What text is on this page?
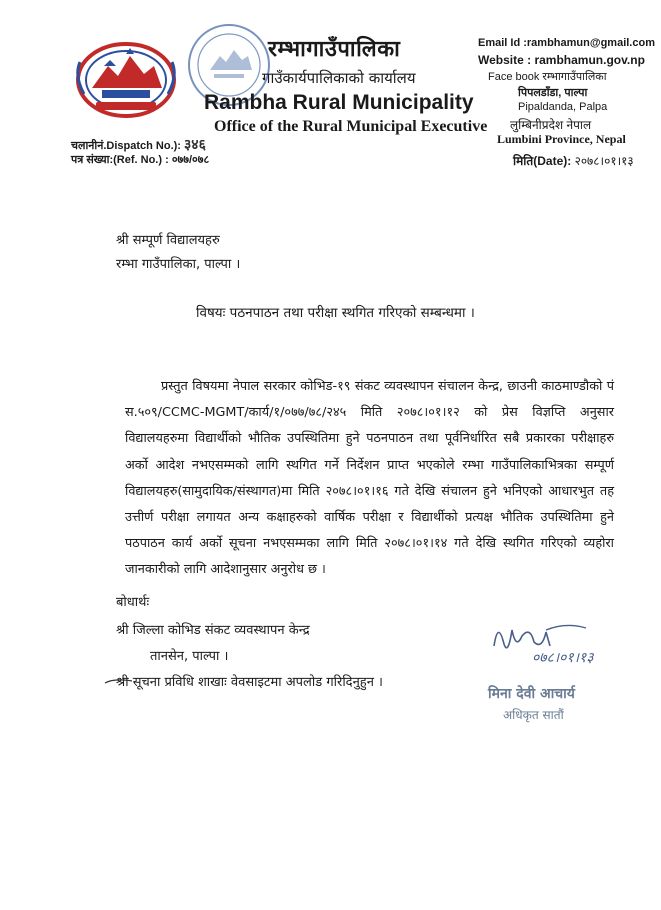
रम्भागाउँपालिका
गाउँकार्यपालिकाको कार्यालय
Rambha Rural Municipality
Office of the Rural Municipal Executive
Email Id :rambhamun@gmail.com
Website : rambhamun.gov.np
Face book रम्भागाउँपालिका
पिपलडाँडा, पाल्पा
Pipaldanda, Palpa
लुम्बिनीप्रदेश नेपाल
Lumbini Province, Nepal
मिति(Date): २०७८।०१।१३
चलानीनं.Dispatch No.): ३४६
पत्र संख्या:(Ref. No.) : ०७७/०७८
श्री सम्पूर्ण विद्यालयहरु
रम्भा गाउँपालिका, पाल्पा ।
विषयः पठनपाठन तथा परीक्षा स्थगित गरिएको सम्बन्धमा ।
प्रस्तुत विषयमा नेपाल सरकार कोभिड-१९ संकट व्यवस्थापन संचालन केन्द्र, छाउनी काठमाण्डौको पं स.५०९/CCMC-MGMT/कार्य/१/०७७/७८/२४५ मिति २०७८।०१।१२ को प्रेस विज्ञप्ति अनुसार विद्यालयहरुमा विद्यार्थीको भौतिक उपस्थितिमा हुने पठनपाठन तथा पूर्वनिर्धारित सबै प्रकारका परीक्षाहरु अर्को आदेश नभएसम्मको लागि स्थगित गर्ने निर्देशन प्राप्त भएकोले रम्भा गाउँपालिकाभित्रका सम्पूर्ण विद्यालयहरु(सामुदायिक/संस्थागत)मा मिति २०७८।०१।१६ गते देखि संचालन हुने भनिएको आधारभुत तह उत्तीर्ण परीक्षा लगायत अन्य कक्षाहरुको वार्षिक परीक्षा र विद्यार्थीको प्रत्यक्ष भौतिक उपस्थितिमा हुने पठपाठन कार्य अर्को सूचना नभएसम्मका लागि मिति २०७८।०१।१४ गते देखि स्थगित गरिएको व्यहोरा जानकारीको लागि आदेशानुसार अनुरोध छ ।
बोधार्थः
श्री जिल्ला कोभिड संकट व्यवस्थापन केन्द्र
तानसेन, पाल्पा ।
श्री सूचना प्रविधि शाखाः वेवसाइटमा अपलोड गरिदिनुहुन ।
०७८।०१।१३
मिना देवी आचार्य
अधिकृत सातौं
